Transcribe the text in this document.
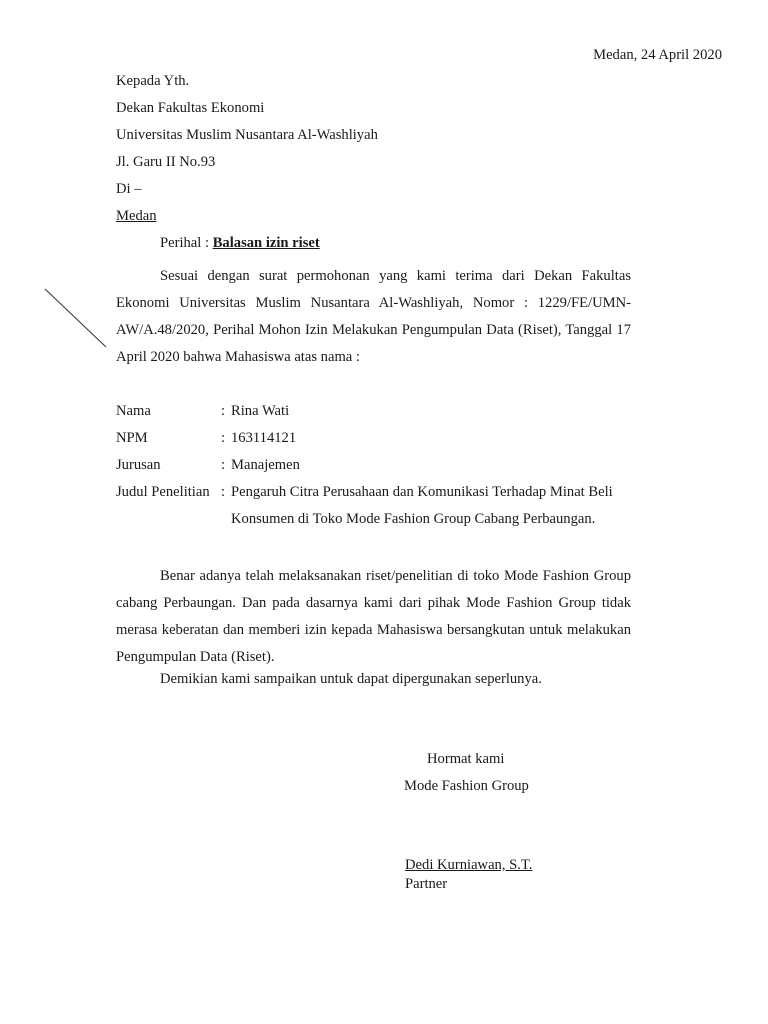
Medan, 24 April 2020
Kepada Yth.
Dekan Fakultas Ekonomi
Universitas Muslim Nusantara Al-Washliyah
Jl. Garu II No.93
Di –
Medan
Perihal : Balasan izin riset

Sesuai dengan surat permohonan yang kami terima dari Dekan Fakultas Ekonomi Universitas Muslim Nusantara Al-Washliyah, Nomor : 1229/FE/UMN-AW/A.48/2020, Perihal Mohon Izin Melakukan Pengumpulan Data (Riset), Tanggal 17 April 2020 bahwa Mahasiswa atas nama :

Nama	: Rina Wati
NPM	: 163114121
Jurusan	: Manajemen
Judul Penelitian : Pengaruh Citra Perusahaan dan Komunikasi Terhadap Minat Beli
Konsumen di Toko Mode Fashion Group Cabang Perbaungan.

Benar adanya telah melaksanakan riset/penelitian di toko Mode Fashion Group cabang Perbaungan. Dan pada dasarnya kami dari pihak Mode Fashion Group tidak merasa keberatan dan memberi izin kepada Mahasiswa bersangkutan untuk melakukan Pengumpulan Data (Riset).

Demikian kami sampaikan untuk dapat dipergunakan seperlunya.
Hormat kami
Mode Fashion Group
Dedi Kurniawan, S.T.
Partner
